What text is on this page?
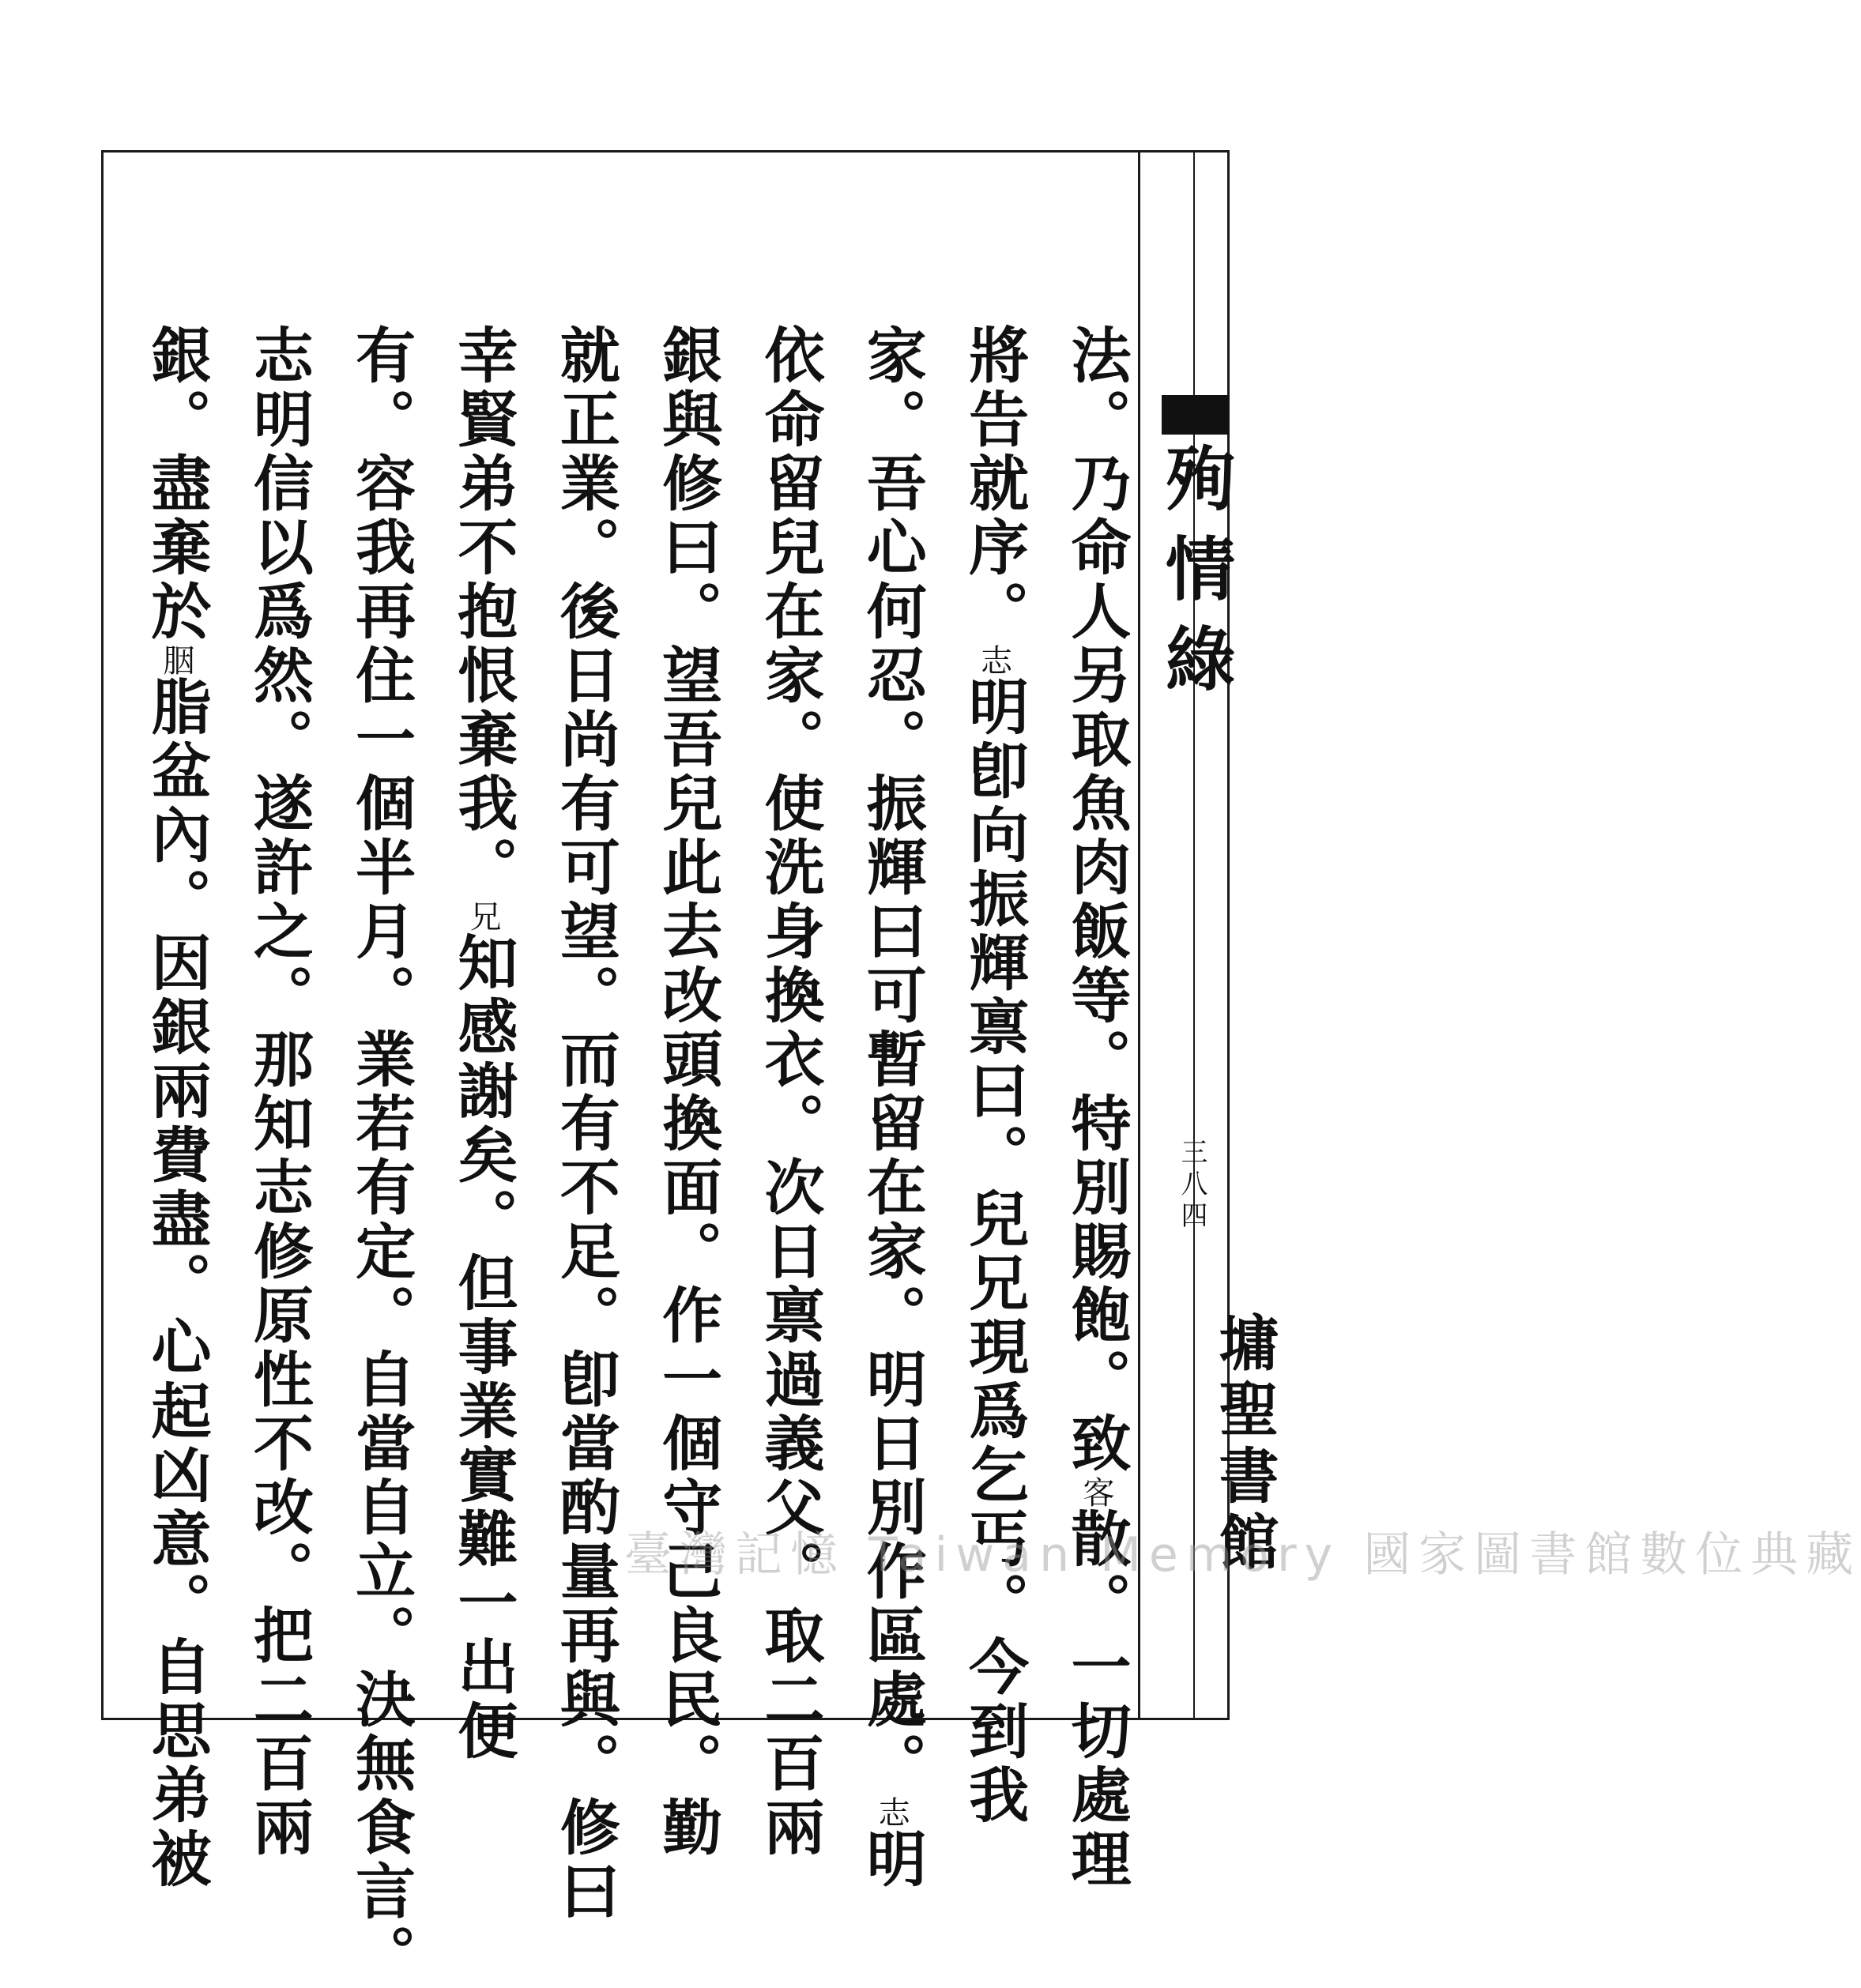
殉情綠
三八四
墉聖書館
法。乃命人另取魚肉飯等。特別賜飽。致客散。一切處理
將告就序。志明卽向振輝禀曰。兒兄現爲乞丐。今到我
家。吾心何忍。振輝曰可暫留在家。明日別作區處。志明
依命留兒在家。使洗身換衣。次日禀過義父。取二百兩
銀與修曰。望吾兒此去改頭換面。作一個守己良民。勤
就正業。後日尚有可望。而有不足。卽當酌量再與。修曰
幸賢弟不抱恨棄我。兄知感謝矣。但事業實難一出便
有。容我再住一個半月。業若有定。自當自立。決無食言。
志明信以爲然。遂許之。那知志修原性不改。把二百兩
銀。盡棄於胭脂盆內。因銀兩費盡。心起凶意。自思弟被	臺灣記憶 Taiwan Memory 國家圖書館數位典藏
